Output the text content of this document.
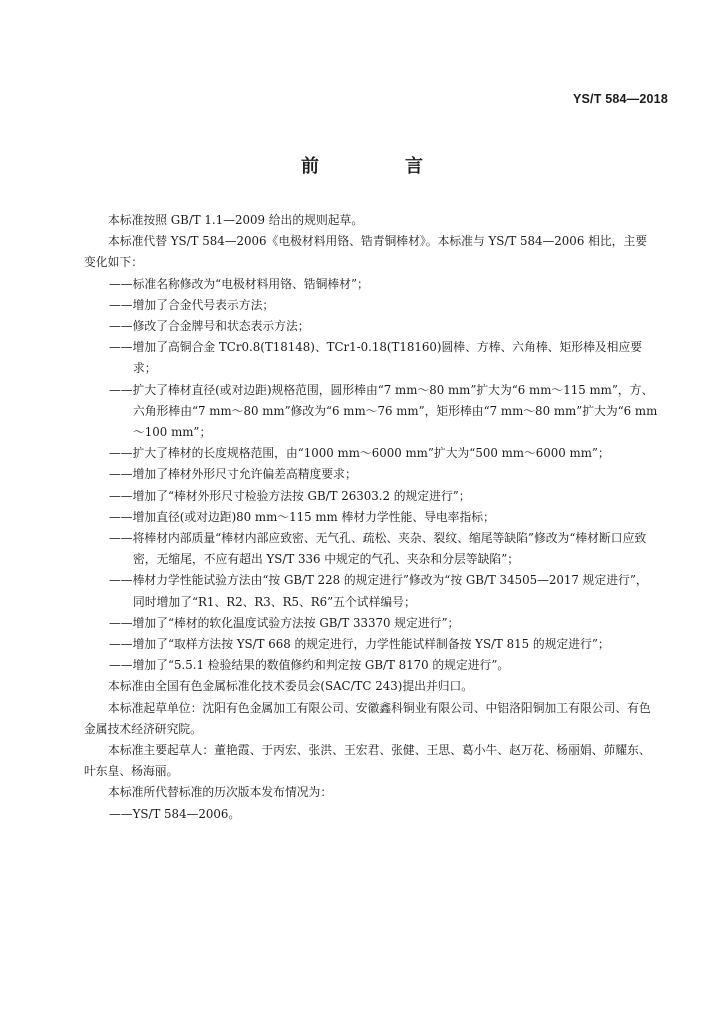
YS/T 584—2018
前　言

本标准按照 GB/T 1.1—2009 给出的规则起草。

本标准代替 YS/T 584—2006《电极材料用铬、锆青铜棒材》。本标准与 YS/T 584—2006 相比，主要变化如下：

——标准名称修改为“电极材料用铬、锆铜棒材”；

——增加了合金代号表示方法；

——修改了合金牌号和状态表示方法；

——增加了高铜合金 TCr0.8(T18148)、TCr1-0.18(T18160)圆棒、方棒、六角棒、矩形棒及相应要求；

——扩大了棒材直径(或对边距)规格范围，圆形棒由“7 mm～80 mm”扩大为“6 mm～115 mm”，方、六角形棒由“7 mm～80 mm”修改为“6 mm～76 mm”，矩形棒由“7 mm～80 mm”扩大为“6 mm～100 mm”；

——扩大了棒材的长度规格范围，由“1000 mm～6000 mm”扩大为“500 mm～6000 mm”；

——增加了棒材外形尺寸允许偏差高精度要求；

——增加了“棒材外形尺寸检验方法按 GB/T 26303.2 的规定进行”；

——增加直径(或对边距)80 mm～115 mm 棒材力学性能、导电率指标；

——将棒材内部质量“棒材内部应致密、无气孔、疏松、夹杂、裂纹、缩尾等缺陷”修改为“棒材断口应致密，无缩尾，不应有超出 YS/T 336 中规定的气孔、夹杂和分层等缺陷”；

——棒材力学性能试验方法由“按 GB/T 228 的规定进行”修改为“按 GB/T 34505—2017 规定进行”，同时增加了“R1、R2、R3、R5、R6”五个试样编号；

——增加了“棒材的软化温度试验方法按 GB/T 33370 规定进行”；

——增加了“取样方法按 YS/T 668 的规定进行，力学性能试样制备按 YS/T 815 的规定进行”；

——增加了“5.5.1 检验结果的数值修约和判定按 GB/T 8170 的规定进行”。

本标准由全国有色金属标准化技术委员会(SAC/TC 243)提出并归口。

本标准起草单位：沈阳有色金属加工有限公司、安徽鑫科铜业有限公司、中铝洛阳铜加工有限公司、有色金属技术经济研究院。

本标准主要起草人：董艳霞、于丙宏、张洪、王宏君、张健、王思、葛小牛、赵万花、杨丽娟、茆耀东、叶东皇、杨海丽。

本标准所代替标准的历次版本发布情况为：

——YS/T 584—2006。
